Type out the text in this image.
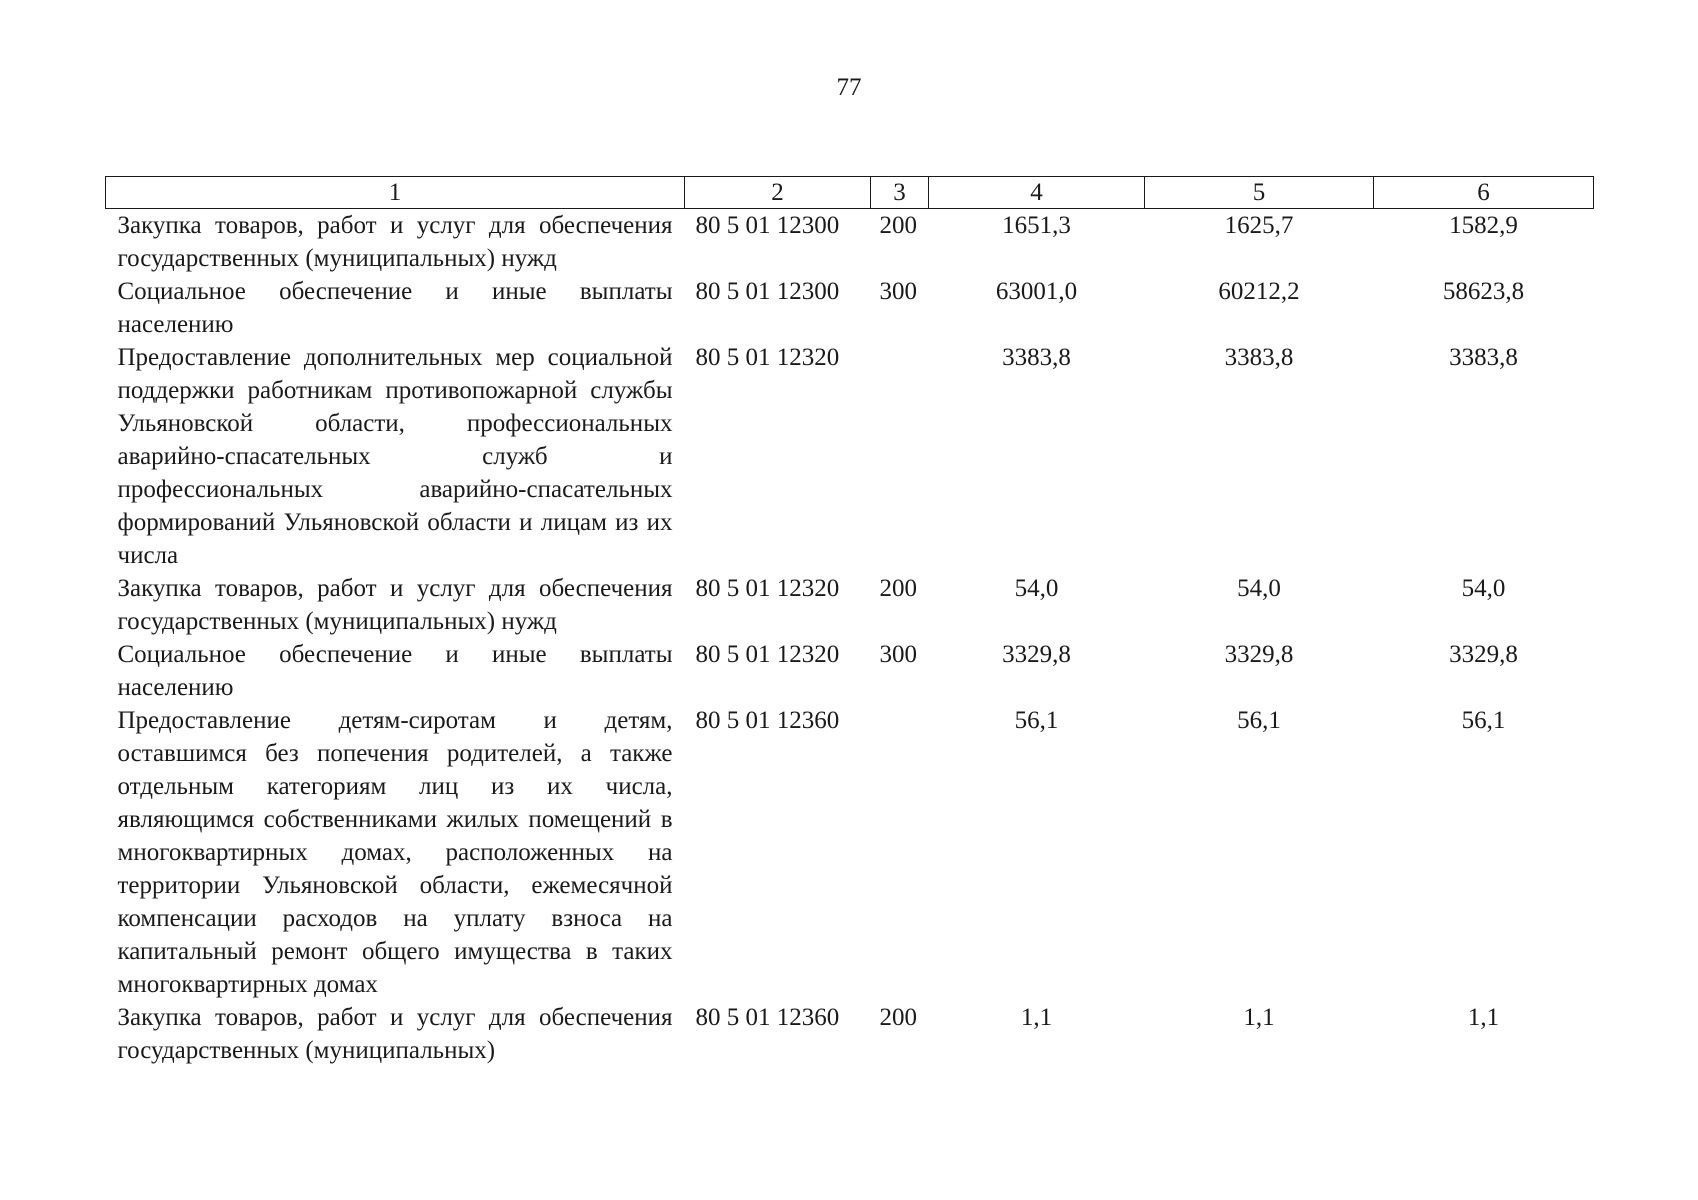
77
1	2	3	4	5	6
Закупка товаров, работ и услуг для обеспечения государственных (муниципальных) нужд	80 5 01 12300	200	1651,3	1625,7	1582,9
Социальное обеспечение и иные выплаты населению	80 5 01 12300	300	63001,0	60212,2	58623,8
Предоставление дополнительных мер социальной поддержки работникам противопожарной службы Ульяновской области, профессиональных аварийно-спасательных служб и профессиональных аварийно-спасательных формирований Ульяновской области и лицам из их числа	80 5 01 12320		3383,8	3383,8	3383,8
Закупка товаров, работ и услуг для обеспечения государственных (муниципальных) нужд	80 5 01 12320	200	54,0	54,0	54,0
Социальное обеспечение и иные выплаты населению	80 5 01 12320	300	3329,8	3329,8	3329,8
Предоставление детям-сиротам и детям, оставшимся без попечения родителей, а также отдельным категориям лиц из их числа, являющимся собственниками жилых помещений в многоквартирных домах, расположенных на территории Ульяновской области, ежемесячной компенсации расходов на уплату взноса на капитальный ремонт общего имущества в таких многоквартирных домах	80 5 01 12360		56,1	56,1	56,1
Закупка товаров, работ и услуг для обеспечения государственных (муниципальных)	80 5 01 12360	200	1,1	1,1	1,1
